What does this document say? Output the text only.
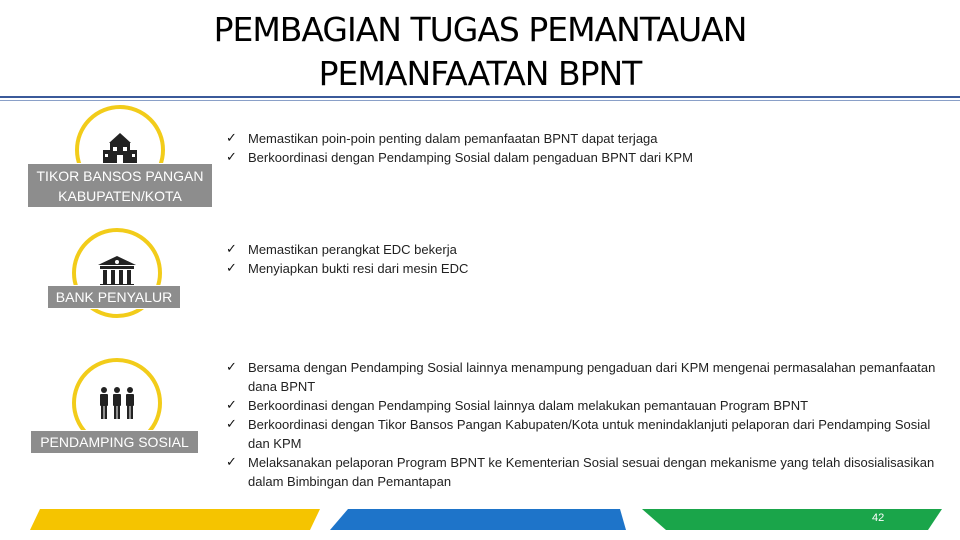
PEMBAGIAN TUGAS PEMANTAUAN
PEMANFAATAN BPNT
TIKOR BANSOS PANGAN
KABUPATEN/KOTA
✓ Memastikan poin-poin penting dalam pemanfaatan BPNT dapat terjaga
✓ Berkoordinasi dengan Pendamping Sosial dalam pengaduan BPNT dari KPM
BANK PENYALUR
✓ Memastikan perangkat EDC bekerja
✓ Menyiapkan bukti resi dari mesin EDC
PENDAMPING SOSIAL
✓ Bersama dengan Pendamping Sosial lainnya menampung pengaduan dari KPM mengenai permasalahan pemanfaatan dana BPNT
✓ Berkoordinasi dengan Pendamping Sosial lainnya dalam melakukan pemantauan Program BPNT
✓ Berkoordinasi dengan Tikor Bansos Pangan Kabupaten/Kota untuk menindaklanjuti pelaporan dari Pendamping Sosial dan KPM
✓ Melaksanakan pelaporan Program BPNT ke Kementerian Sosial sesuai dengan mekanisme yang telah disosialisasikan dalam Bimbingan dan Pemantapan
42
